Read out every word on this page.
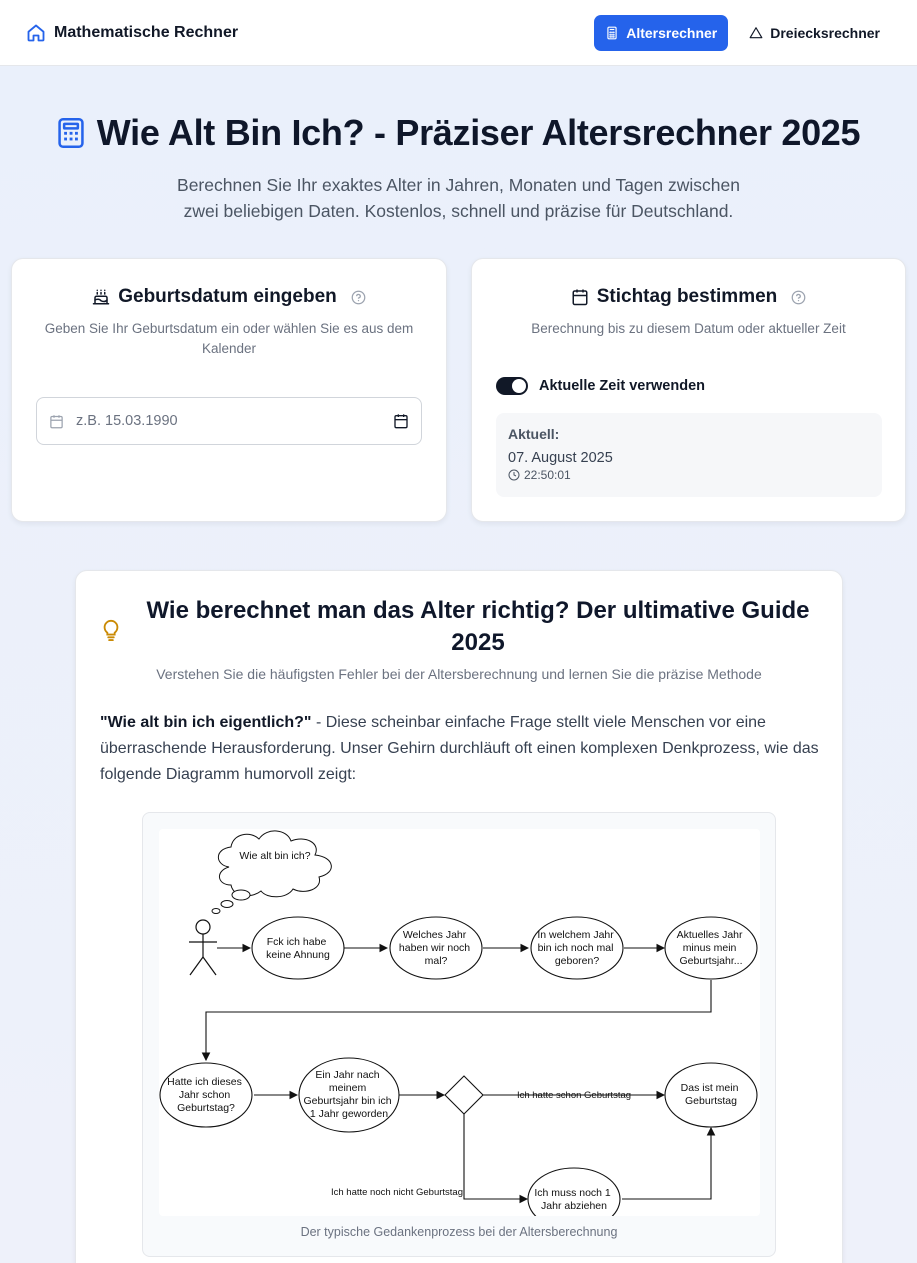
Mathematische Rechner	Altersrechner	Dreiecksrechner
Wie Alt Bin Ich? - Präziser Altersrechner 2025
Berechnen Sie Ihr exaktes Alter in Jahren, Monaten und Tagen zwischen
zwei beliebigen Daten. Kostenlos, schnell und präzise für Deutschland.
Geburtsdatum eingeben
Geben Sie Ihr Geburtsdatum ein oder wählen Sie es aus dem Kalender
z.B. 15.03.1990
Stichtag bestimmen
Berechnung bis zu diesem Datum oder aktueller Zeit
Aktuelle Zeit verwenden
Aktuell:
07. August 2025
22:50:01
Wie berechnet man das Alter richtig? Der ultimative Guide 2025
Verstehen Sie die häufigsten Fehler bei der Altersberechnung und lernen Sie die präzise Methode
"Wie alt bin ich eigentlich?" - Diese scheinbar einfache Frage stellt viele Menschen vor eine überraschende Herausforderung. Unser Gehirn durchläuft oft einen komplexen Denkprozess, wie das folgende Diagramm humorvoll zeigt:
Wie alt bin ich?
Fck ich habe keine Ahnung
Welches Jahr haben wir noch mal?
In welchem Jahr bin ich noch mal geboren?
Aktuelles Jahr minus mein Geburtsjahr...
Hatte ich dieses Jahr schon Geburtstag?
Ein Jahr nach meinem Geburtsjahr bin ich 1 Jahr geworden
Das ist mein Geburtstag
Ich muss noch 1 Jahr abziehen
Ich hatte schon Geburtstag
Ich hatte noch nicht Geburtstag
Der typische Gedankenprozess bei der Altersberechnung
